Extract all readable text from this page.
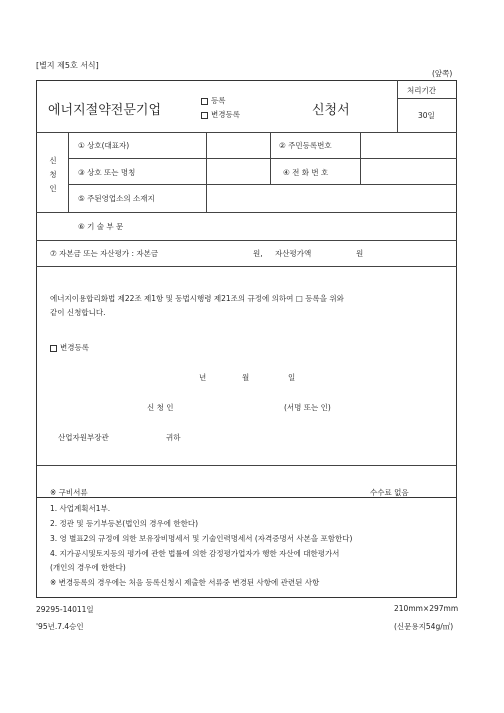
[별지 제5호 서식]
(앞쪽)
에너지절약전문기업
등록
변경등록	신청서
처리기간
30일
신
청
인
① 상호(대표자)	② 주민등록번호
③ 상호 또는 명칭	④ 전 화 번 호
⑤ 주된영업소의 소재지
⑥ 기 술 부 문
⑦ 자본금 또는 자산평가 : 자본금	원, 자산평가액	원
에너지이용합리화법 제22조 제1항 및 동법시행령 제21조의 규정에 의하여 □ 등록을 위와
같이 신청합니다.
변경등록
년	월	일
신 청 인	(서명 또는 인)
산업자원부장관	귀하
※ 구비서류	수수료 없음
1. 사업계획서1부.
2. 정관 및 등기부등본(법인의 경우에 한한다)
3. 영 별표2의 규정에 의한 보유장비명세서 및 기술인력명세서 (자격증명서 사본을 포함한다)
4. 지가공시및토지등의 평가에 관한 법률에 의한 감정평가업자가 행한 자산에 대한평가서
(개인의 경우에 한한다)
※ 변경등록의 경우에는 처음 등록신청시 제출한 서류중 변경된 사항에 관련된 사항
29295-14011일
'95년.7.4승인
210mm×297mm
(신문용지54g/㎡)
